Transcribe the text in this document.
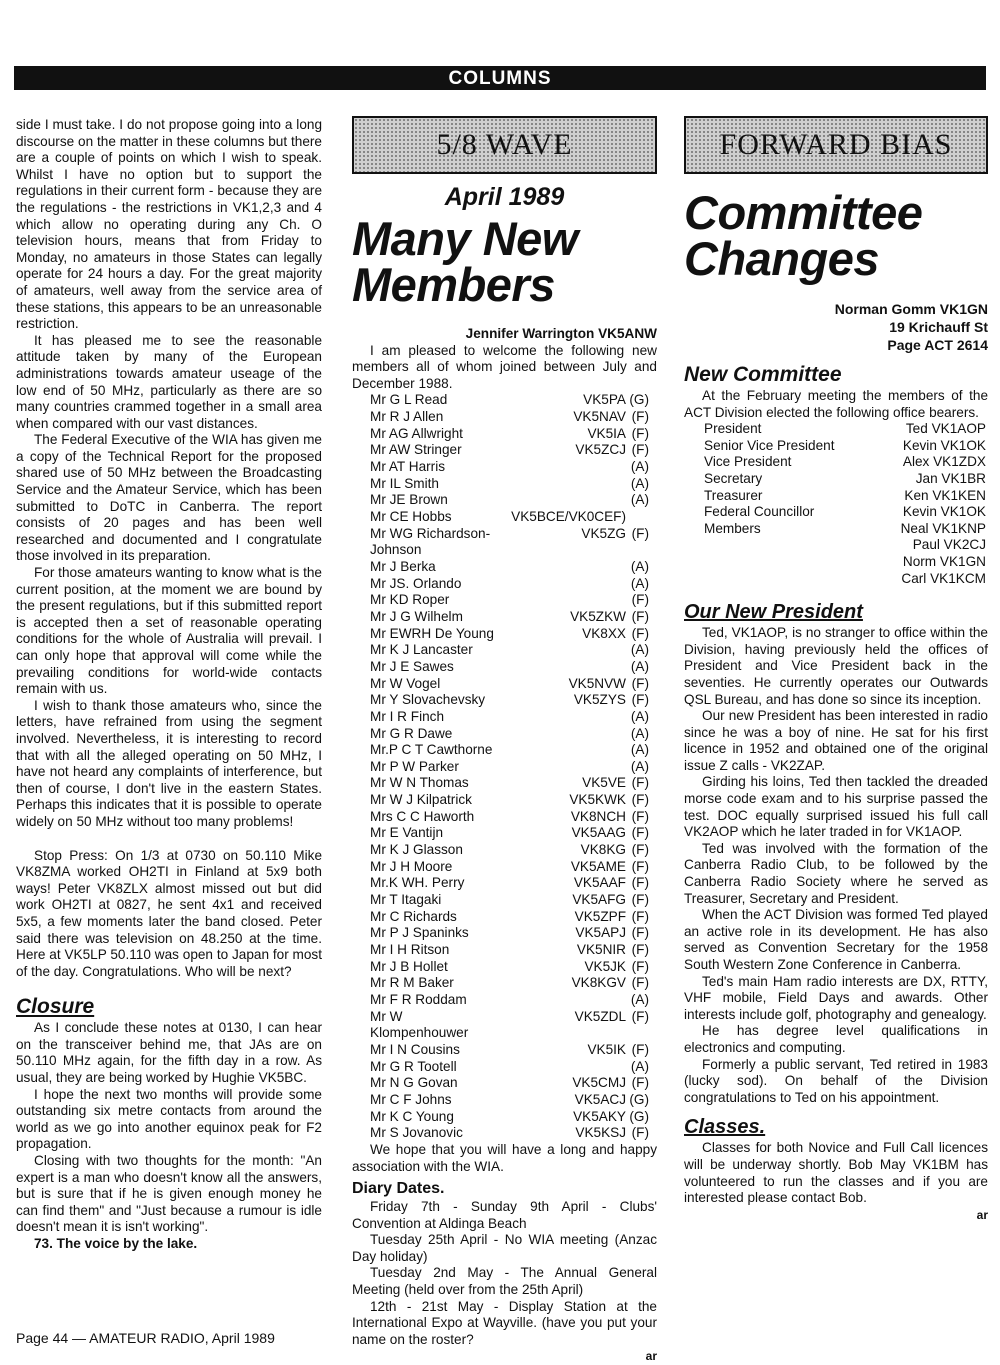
COLUMNS

side I must take. I do not propose going into a long discourse on the matter in these columns but there are a couple of points on which I wish to speak. Whilst I have no option but to support the regulations in their current form - because they are the regulations - the restrictions in VK1,2,3 and 4 which allow no operating during any Ch. O television hours, means that from Friday to Monday, no amateurs in those States can legally operate for 24 hours a day. For the great majority of amateurs, well away from the service area of these stations, this appears to be an unreasonable restriction.

It has pleased me to see the reasonable attitude taken by many of the European administrations towards amateur useage of the low end of 50 MHz, particularly as there are so many countries crammed together in a small area when compared with our vast distances.

The Federal Executive of the WIA has given me a copy of the Technical Report for the proposed shared use of 50 MHz between the Broadcasting Service and the Amateur Service, which has been submitted to DoTC in Canberra. The report consists of 20 pages and has been well researched and documented and I congratulate those involved in its preparation.

For those amateurs wanting to know what is the current position, at the moment we are bound by the present regulations, but if this submitted report is accepted then a set of reasonable operating conditions for the whole of Australia will prevail. I can only hope that approval will come while the prevailing conditions for world-wide contacts remain with us.

I wish to thank those amateurs who, since the letters, have refrained from using the segment involved. Nevertheless, it is interesting to record that with all the alleged operating on 50 MHz, I have not heard any complaints of interference, but then of course, I don't live in the eastern States. Perhaps this indicates that it is possible to operate widely on 50 MHz without too many problems!

Stop Press: On 1/3 at 0730 on 50.110 Mike VK8ZMA worked OH2TI in Finland at 5x9 both ways! Peter VK8ZLX almost missed out but did work OH2TI at 0827, he sent 4x1 and received 5x5, a few moments later the band closed. Peter said there was television on 48.250 at the time. Here at VK5LP 50.110 was open to Japan for most of the day. Congratulations. Who will be next?

Closure

As I conclude these notes at 0130, I can hear on the transceiver behind me, that JAs are on 50.110 MHz again, for the fifth day in a row. As usual, they are being worked by Hughie VK5BC.

I hope the next two months will provide some outstanding six metre contacts from around the world as we go into another equinox peak for F2 propagation.

Closing with two thoughts for the month: "An expert is a man who doesn't know all the answers, but is sure that if he is given enough money he can find them" and "Just because a rumour is idle doesn't mean it is isn't working".

73. The voice by the lake.

5/8 WAVE
April 1989
Many New Members
Jennifer Warrington VK5ANW

I am pleased to welcome the following new members all of whom joined between July and December 1988.

Mr G L Read	VK5PA (G)
Mr R J Allen	VK5NAV (F)
Mr AG Allwright	VK5IA (F)
Mr AW Stringer	VK5ZCJ (F)
Mr AT Harris	(A)
Mr IL Smith	(A)
Mr JE Brown	(A)
Mr CE Hobbs	VK5BCE/VK0CEF)
Mr WG Richardson-Johnson
VK5ZG (F)
Mr J Berka	(A)
Mr JS. Orlando	(A)
Mr KD Roper	(F)
Mr J G Wilhelm	VK5ZKW (F)
Mr EWRH De Young	VK8XX (F)
Mr K J Lancaster	(A)
Mr J E Sawes	(A)
Mr W Vogel	VK5NVW (F)
Mr Y Slovachevsky	VK5ZYS (F)
Mr I R Finch	(A)
Mr G R Dawe	(A)
Mr.P C T Cawthorne	(A)
Mr P W Parker	(A)
Mr W N Thomas	VK5VE (F)
Mr W J Kilpatrick	VK5KWK (F)
Mrs C C Haworth	VK8NCH (F)
Mr E Vantijn	VK5AAG (F)
Mr K J Glasson	VK8KG (F)
Mr J H Moore	VK5AME (F)
Mr.K WH. Perry	VK5AAF (F)
Mr T Itagaki	VK5AFG (F)
Mr C Richards	VK5ZPF (F)
Mr P J Spaninks	VK5APJ (F)
Mr I H Ritson	VK5NIR (F)
Mr J B Hollet	VK5JK (F)
Mr R M Baker	VK8KGV (F)
Mr F R Roddam	(A)
Mr W Klompenhouwer
VK5ZDL (F)
Mr I N Cousins	VK5IK (F)
Mr G R Tootell	(A)
Mr N G Govan	VK5CMJ (F)
Mr C F Johns	VK5ACJ (G)
Mr K C Young	VK5AKY (G)
Mr S Jovanovic	VK5KSJ (F)

We hope that you will have a long and happy association with the WIA.

Diary Dates.

Friday 7th - Sunday 9th April - Clubs' Convention at Aldinga Beach

Tuesday 25th April - No WIA meeting (Anzac Day holiday)

Tuesday 2nd May - The Annual General Meeting (held over from the 25th April)

12th - 21st May - Display Station at the International Expo at Wayville. (have you put your name on the roster?

ar
FORWARD BIAS
Committee Changes
Norman Gomm VK1GN
19 Krichauff St
Page ACT 2614
New Committee

At the February meeting the members of the ACT Division elected the following office bearers.

President	Ted VK1AOP
Senior Vice President	Kevin VK1OK
Vice President	Alex VK1ZDX
Secretary	Jan VK1BR
Treasurer	Ken VK1KEN
Federal Councillor	Kevin VK1OK
Members	Neal VK1KNP
Paul VK2CJ
Norm VK1GN
Carl VK1KCM
Our New President

Ted, VK1AOP, is no stranger to office within the Division, having previously held the offices of President and Vice President back in the seventies. He currently operates our Outwards QSL Bureau, and has done so since its inception.

Our new President has been interested in radio since he was a boy of nine. He sat for his first licence in 1952 and obtained one of the original issue Z calls - VK2ZAP.

Girding his loins, Ted then tackled the dreaded morse code exam and to his surprise passed the test. DOC equally surprised issued his full call VK2AOP which he later traded in for VK1AOP.

Ted was involved with the formation of the Canberra Radio Club, to be followed by the Canberra Radio Society where he served as Treasurer, Secretary and President.

When the ACT Division was formed Ted played an active role in its development. He has also served as Convention Secretary for the 1958 South Western Zone Conference in Canberra.

Ted's main Ham radio interests are DX, RTTY, VHF mobile, Field Days and awards. Other interests include golf, photography and genealogy.

He has degree level qualifications in electronics and computing.

Formerly a public servant, Ted retired in 1983 (lucky sod). On behalf of the Division congratulations to Ted on his appointment.

Classes.

Classes for both Novice and Full Call licences will be underway shortly. Bob May VK1BM has volunteered to run the classes and if you are interested please contact Bob.

ar
Page 44 — AMATEUR RADIO, April 1989
